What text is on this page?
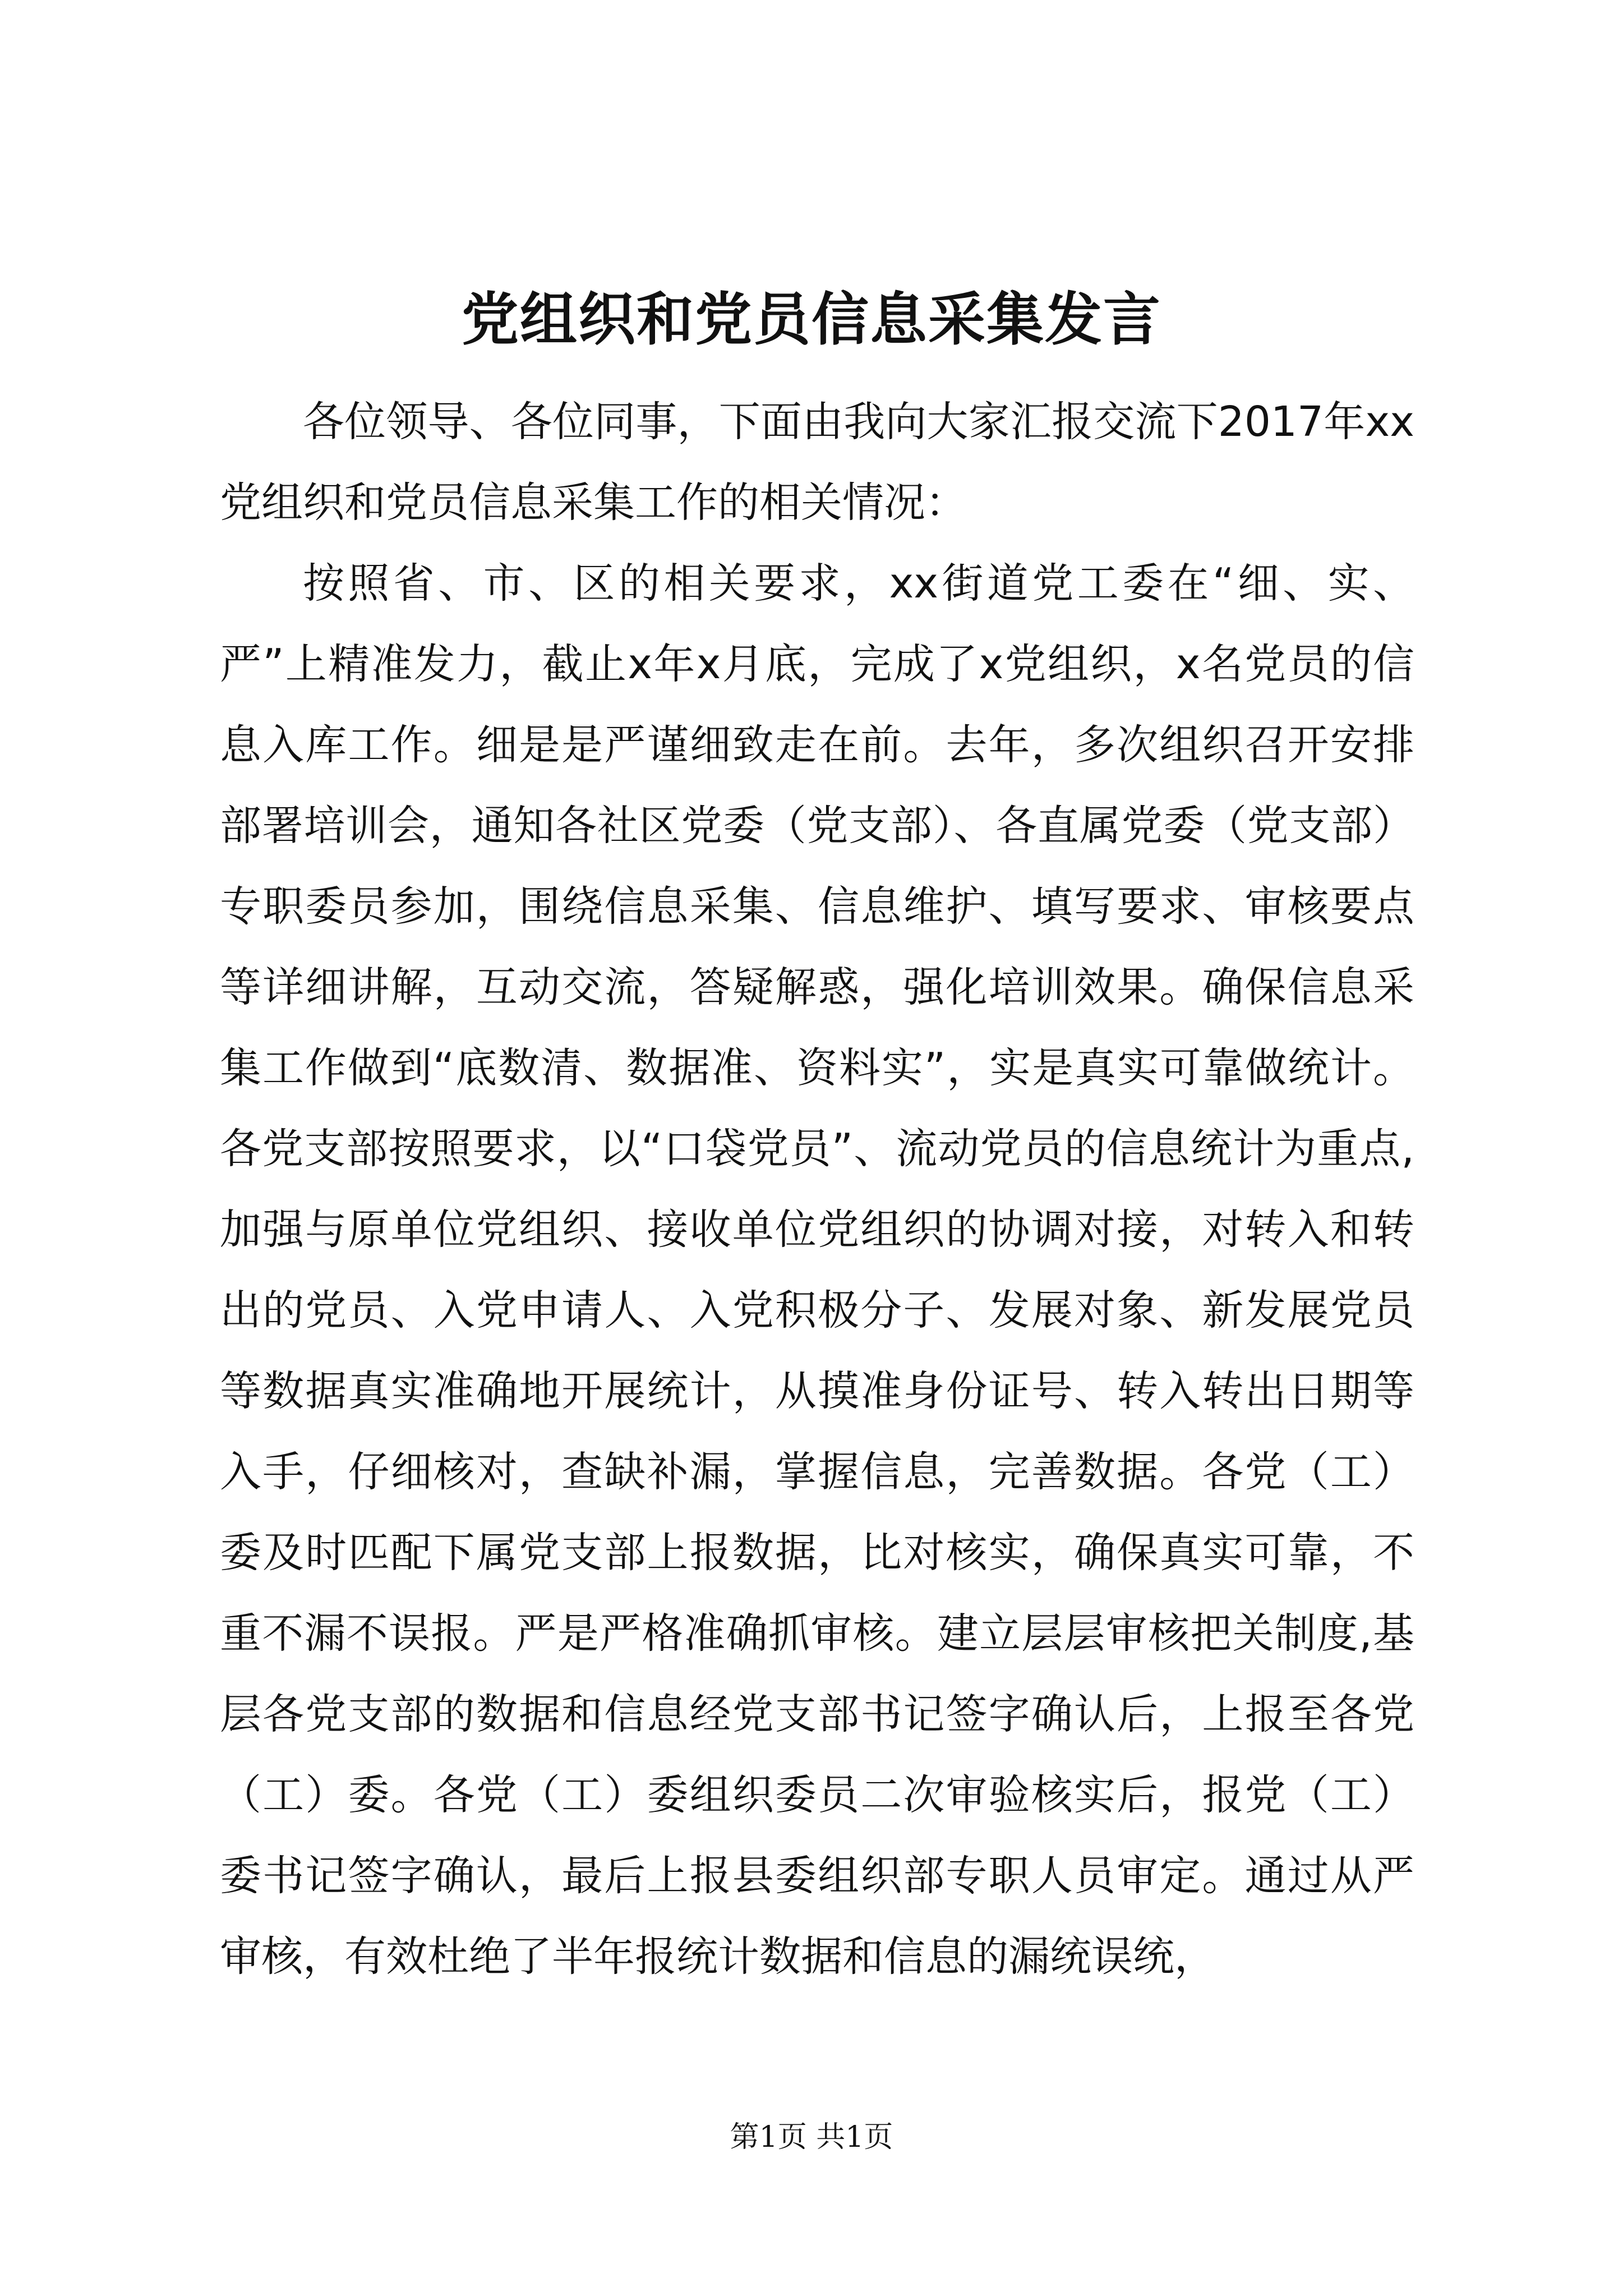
党组织和党员信息采集发言

各位领导、各位同事，下面由我向大家汇报交流下2017年xx党组织和党员信息采集工作的相关情况：

按照省、市、区的相关要求，xx街道党工委在“细、实、严”上精准发力，截止x年x月底，完成了x党组织，x名党员的信息入库工作。细是是严谨细致走在前。去年，多次组织召开安排部署培训会，通知各社区党委（党支部）、各直属党委（党支部）专职委员参加，围绕信息采集、信息维护、填写要求、审核要点等详细讲解，互动交流，答疑解惑，强化培训效果。确保信息采集工作做到“底数清、数据准、资料实”，实是真实可靠做统计。各党支部按照要求，以“口袋党员”、流动党员的信息统计为重点,加强与原单位党组织、接收单位党组织的协调对接，对转入和转出的党员、入党申请人、入党积极分子、发展对象、新发展党员等数据真实准确地开展统计，从摸准身份证号、转入转出日期等入手，仔细核对，查缺补漏，掌握信息，完善数据。各党（工）委及时匹配下属党支部上报数据，比对核实，确保真实可靠，不重不漏不误报。严是严格准确抓审核。建立层层审核把关制度,基层各党支部的数据和信息经党支部书记签字确认后，上报至各党（工）委。各党（工）委组织委员二次审验核实后，报党（工）委书记签字确认，最后上报县委组织部专职人员审定。通过从严审核，有效杜绝了半年报统计数据和信息的漏统误统，

第1页 共1页
